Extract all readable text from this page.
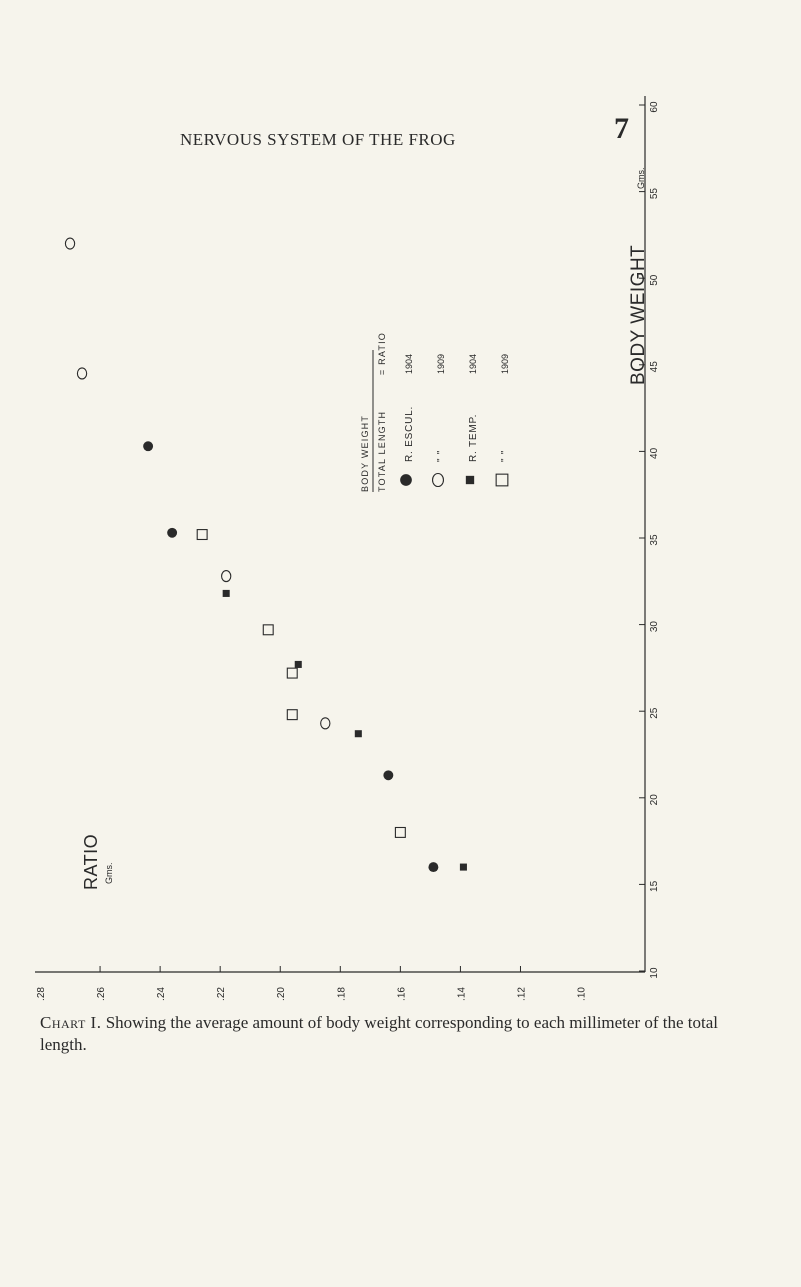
NERVOUS SYSTEM OF THE FROG	7
10
15
20
25
30
35
40
45
50
55
60
.10
.12
.14
.16
.18
.20
.22
.24
.26
.28
BODY WEIGHT TOTAL LENGTH
= RATIO
R. ESCUL.
1904
" "
1909
R. TEMP.
1904
" "
1909	BODY WEIGHT
Gms.
RATIO Gms.
Chart I. Showing the average amount of body weight corresponding to each millimeter of the total length.
